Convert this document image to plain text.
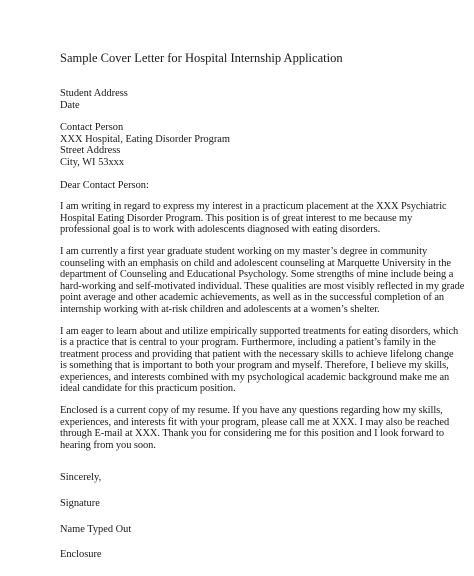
Sample Cover Letter for Hospital Internship Application
Student Address
Date
Contact Person
XXX Hospital, Eating Disorder Program
Street Address
City, WI 53xxx
Dear Contact Person:
I am writing in regard to express my interest in a practicum placement at the XXX Psychiatric
Hospital Eating Disorder Program. This position is of great interest to me because my
professional goal is to work with adolescents diagnosed with eating disorders.
I am currently a first year graduate student working on my master’s degree in community
counseling with an emphasis on child and adolescent counseling at Marquette University in the
department of Counseling and Educational Psychology. Some strengths of mine include being a
hard-working and self-motivated individual. These qualities are most visibly reflected in my grade
point average and other academic achievements, as well as in the successful completion of an
internship working with at-risk children and adolescents at a women’s shelter.
I am eager to learn about and utilize empirically supported treatments for eating disorders, which
is a practice that is central to your program. Furthermore, including a patient’s family in the
treatment process and providing that patient with the necessary skills to achieve lifelong change
is something that is important to both your program and myself. Therefore, I believe my skills,
experiences, and interests combined with my psychological academic background make me an
ideal candidate for this practicum position.
Enclosed is a current copy of my resume. If you have any questions regarding how my skills,
experiences, and interests fit with your program, please call me at XXX. I may also be reached
through E-mail at XXX. Thank you for considering me for this position and I look forward to
hearing from you soon.
Sincerely,
Signature
Name Typed Out
Enclosure
